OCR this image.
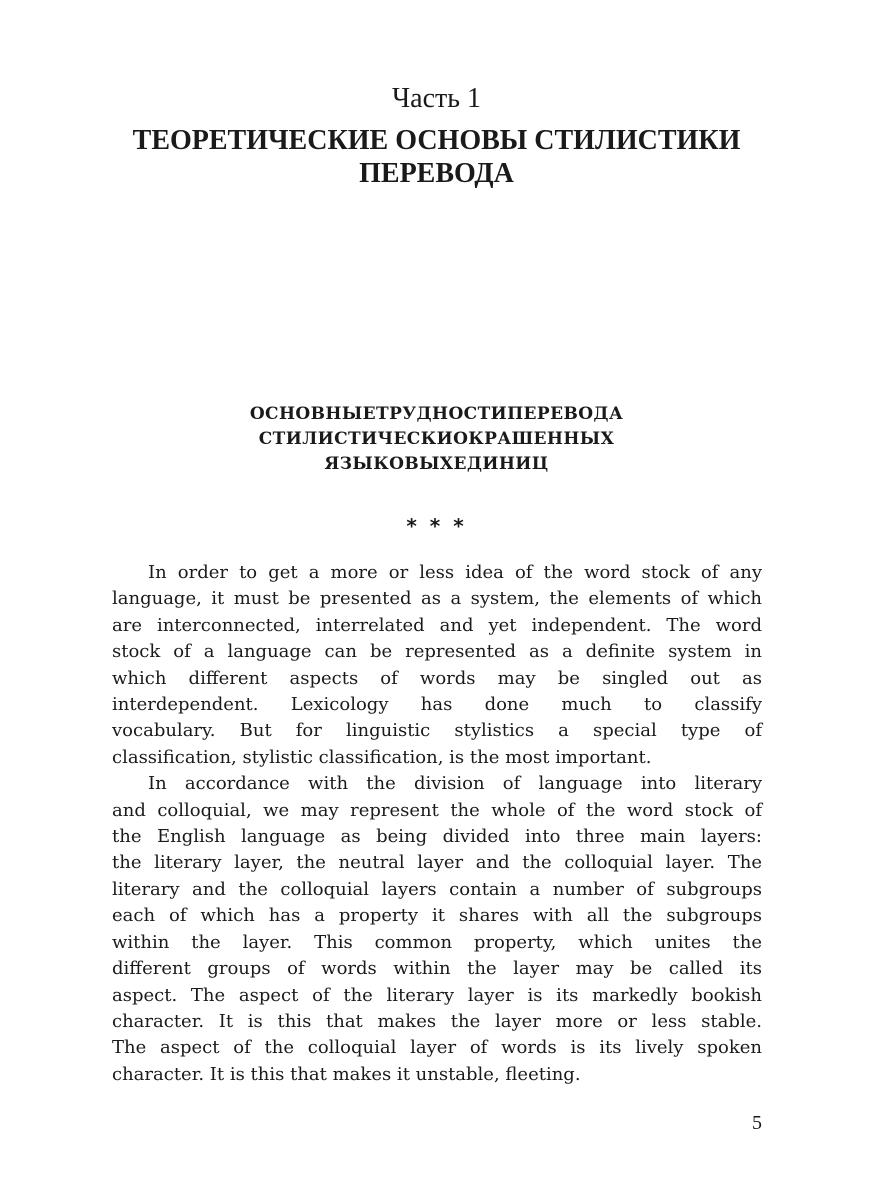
Часть 1
ТЕОРЕТИЧЕСКИЕ ОСНОВЫ СТИЛИСТИКИ
ПЕРЕВОДА
ОСНОВНЫЕТРУДНОСТИПЕРЕВОДА
СТИЛИСТИЧЕСКИОКРАШЕННЫХ
ЯЗЫКОВЫХЕДИНИЦ
* * *

In order to get a more or less idea of the word stock of any
language, it must be presented as a system, the elements of which
are interconnected, interrelated and yet independent. The word
stock of a language can be represented as a definite system in
which different aspects of words may be singled out as
interdependent. Lexicology has done much to classify
vocabulary. But for linguistic stylistics a special type of
classification, stylistic classification, is the most important.

In accordance with the division of language into literary
and colloquial, we may represent the whole of the word stock of
the English language as being divided into three main layers:
the literary layer, the neutral layer and the colloquial layer. The
literary and the colloquial layers contain a number of subgroups
each of which has a property it shares with all the subgroups
within the layer. This common property, which unites the
different groups of words within the layer may be called its
aspect. The aspect of the literary layer is its markedly bookish
character. It is this that makes the layer more or less stable.
The aspect of the colloquial layer of words is its lively spoken
character. It is this that makes it unstable, fleeting.

5
